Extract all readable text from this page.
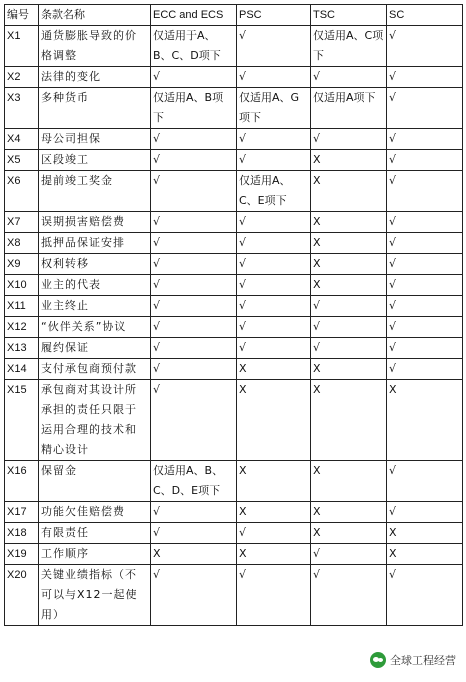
编号	条款名称	ECC and ECS	PSC	TSC	SC
X1	通货膨胀导致的价格调整	仅适用于A、B、C、D项下	√	仅适用A、C项下	√
X2	法律的变化	√	√	√	√
X3	多种货币	仅适用A、B项下	仅适用A、G项下	仅适用A项下	√
X4	母公司担保	√	√	√	√
X5	区段竣工	√	√	X	√
X6	提前竣工奖金	√	仅适用A、C、E项下	X	√
X7	误期损害赔偿费	√	√	X	√
X8	抵押品保证安排	√	√	X	√
X9	权利转移	√	√	X	√
X10	业主的代表	√	√	X	√
X11	业主终止	√	√	√	√
X12	“伙伴关系”协议	√	√	√	√
X13	履约保证	√	√	√	√
X14	支付承包商预付款	√	X	X	√
X15	承包商对其设计所承担的责任只限于运用合理的技术和精心设计	√	X	X	X
X16	保留金	仅适用A、B、C、D、E项下	X	X	√
X17	功能欠佳赔偿费	√	X	X	√
X18	有限责任	√	√	X	X
X19	工作顺序	X	X	√	X
X20	关键业绩指标（不可以与X12一起使用）	√	√	√	√
全球工程经营
